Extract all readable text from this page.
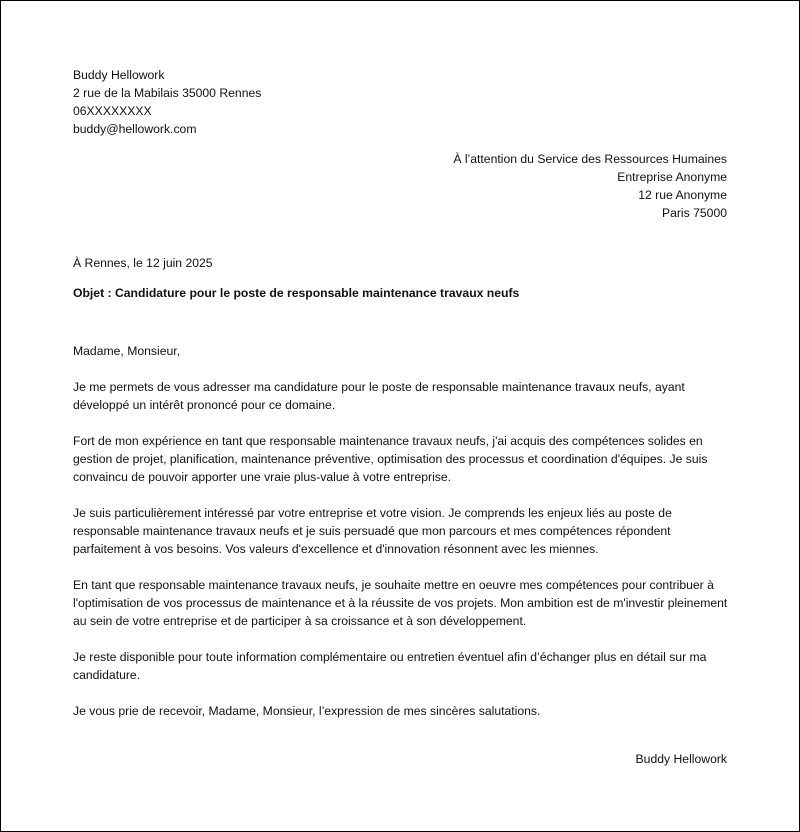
Buddy Hellowork
2 rue de la Mabilais 35000 Rennes
06XXXXXXXX
buddy@hellowork.com
À l’attention du Service des Ressources Humaines
Entreprise Anonyme
12 rue Anonyme
Paris 75000
À Rennes, le 12 juin 2025
Objet : Candidature pour le poste de responsable maintenance travaux neufs

Madame, Monsieur,

Je me permets de vous adresser ma candidature pour le poste de responsable maintenance travaux neufs, ayant développé un intérêt prononcé pour ce domaine.

Fort de mon expérience en tant que responsable maintenance travaux neufs, j'ai acquis des compétences solides en gestion de projet, planification, maintenance préventive, optimisation des processus et coordination d'équipes. Je suis convaincu de pouvoir apporter une vraie plus-value à votre entreprise.

Je suis particulièrement intéressé par votre entreprise et votre vision. Je comprends les enjeux liés au poste de responsable maintenance travaux neufs et je suis persuadé que mon parcours et mes compétences répondent parfaitement à vos besoins. Vos valeurs d'excellence et d'innovation résonnent avec les miennes.

En tant que responsable maintenance travaux neufs, je souhaite mettre en oeuvre mes compétences pour contribuer à l'optimisation de vos processus de maintenance et à la réussite de vos projets. Mon ambition est de m'investir pleinement au sein de votre entreprise et de participer à sa croissance et à son développement.

Je reste disponible pour toute information complémentaire ou entretien éventuel afin d’échanger plus en détail sur ma candidature.

Je vous prie de recevoir, Madame, Monsieur, l’expression de mes sincères salutations.

Buddy Hellowork
